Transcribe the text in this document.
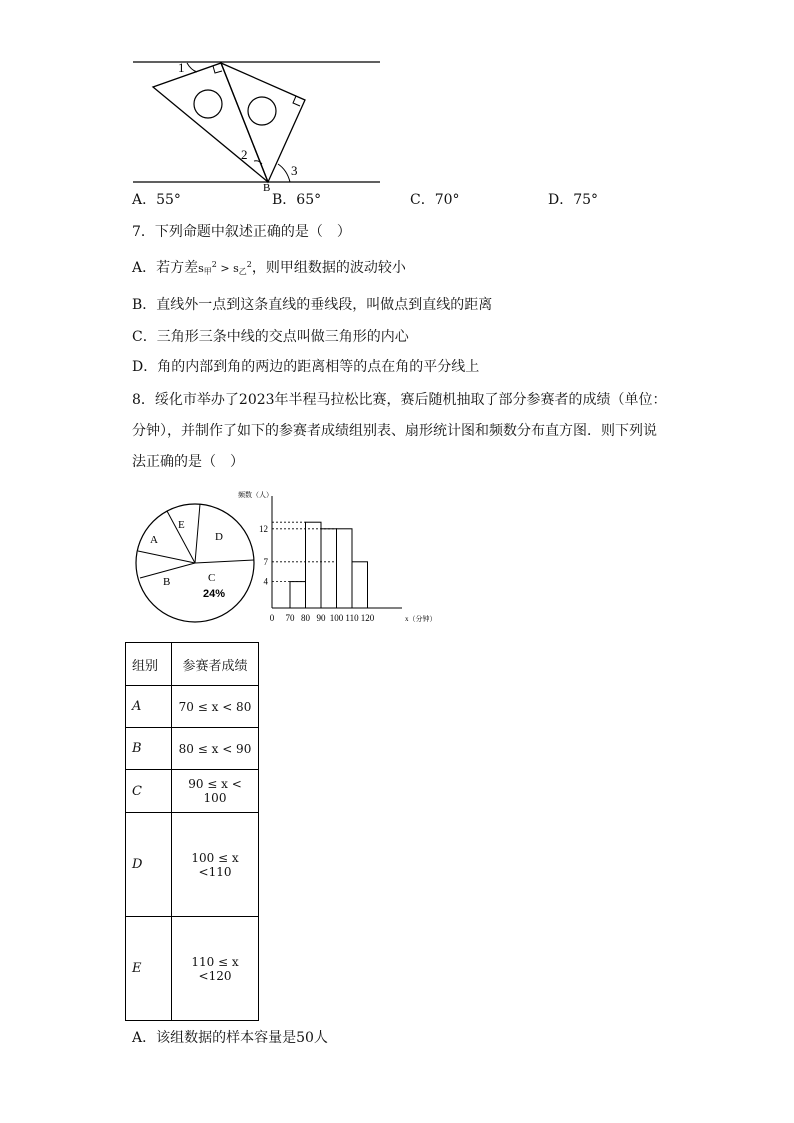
1
2
3
B
A．55°	B．65°	C．70°	D．75°
7．下列命题中叙述正确的是（　）
A．若方差s甲$^2$ > s乙$^2$，则甲组数据的波动较小
B．直线外一点到这条直线的垂线段，叫做点到直线的距离
C．三角形三条中线的交点叫做三角形的内心
D．角的内部到角的两边的距离相等的点在角的平分线上
8．绥化市举办了2023年半程马拉松比赛，赛后随机抽取了部分参赛者的成绩（单位：
分钟），并制作了如下的参赛者成绩组别表、扇形统计图和频数分布直方图．则下列说
法正确的是（　）
A
B	C
24%
D
E	12
7
4
0 70 80 90 100 110 120	x（分钟）
频数（人）
组别	参赛者成绩
A	70 ≤ x < 80
B	80 ≤ x < 90
C	90 ≤ x < 100
D	100 ≤ x <110
E	110 ≤ x <120
A．该组数据的样本容量是50人
